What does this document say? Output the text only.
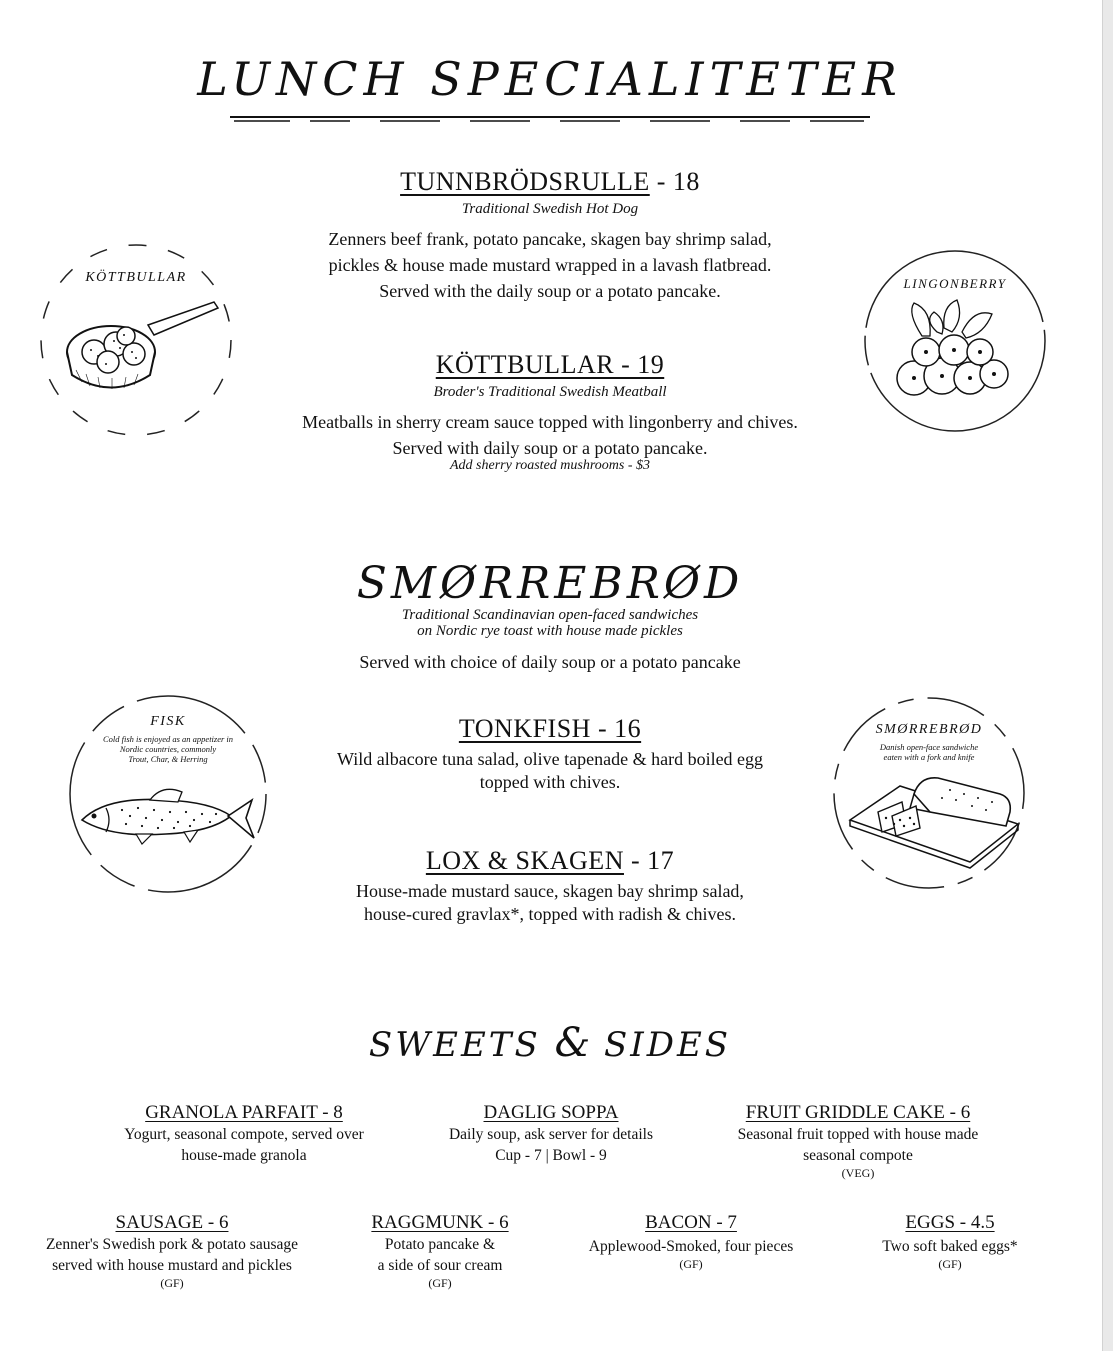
LUNCH SPECIALITETER
TUNNBRÖDSRULLE - 18
Traditional Swedish Hot Dog
Zenners beef frank, potato pancake, skagen bay shrimp salad,
pickles & house made mustard wrapped in a lavash flatbread.
Served with the daily soup or a potato pancake.
KÖTTBULLAR - 19
Broder's Traditional Swedish Meatball
Meatballs in sherry cream sauce topped with lingonberry and chives.
Served with daily soup or a potato pancake.
Add sherry roasted mushrooms - $3
KÖTTBULLAR	LINGONBERRY
SMØRREBRØD
Traditional Scandinavian open-faced sandwiches
on Nordic rye toast with house made pickles
Served with choice of daily soup or a potato pancake
TONKFISH - 16
Wild albacore tuna salad, olive tapenade & hard boiled egg
topped with chives.
LOX & SKAGEN - 17
House-made mustard sauce, skagen bay shrimp salad,
house-cured gravlax*, topped with radish & chives.
FISK
Cold fish is enjoyed as an appetizer in
Nordic countries, commonly
Trout, Char, & Herring
SMØRREBRØD
Danish open-face sandwiche
eaten with a fork and knife
SWEETS & SIDES
GRANOLA PARFAIT - 8
Yogurt, seasonal compote, served over
house-made granola
DAGLIG SOPPA
Daily soup, ask server for details
Cup - 7 | Bowl - 9
FRUIT GRIDDLE CAKE - 6
Seasonal fruit topped with house made
seasonal compote
(VEG)
SAUSAGE - 6
Zenner's Swedish pork & potato sausage
served with house mustard and pickles
(GF)
RAGGMUNK - 6
Potato pancake &
a side of sour cream
(GF)
BACON - 7
Applewood-Smoked, four pieces
(GF)
EGGS - 4.5
Two soft baked eggs*
(GF)
